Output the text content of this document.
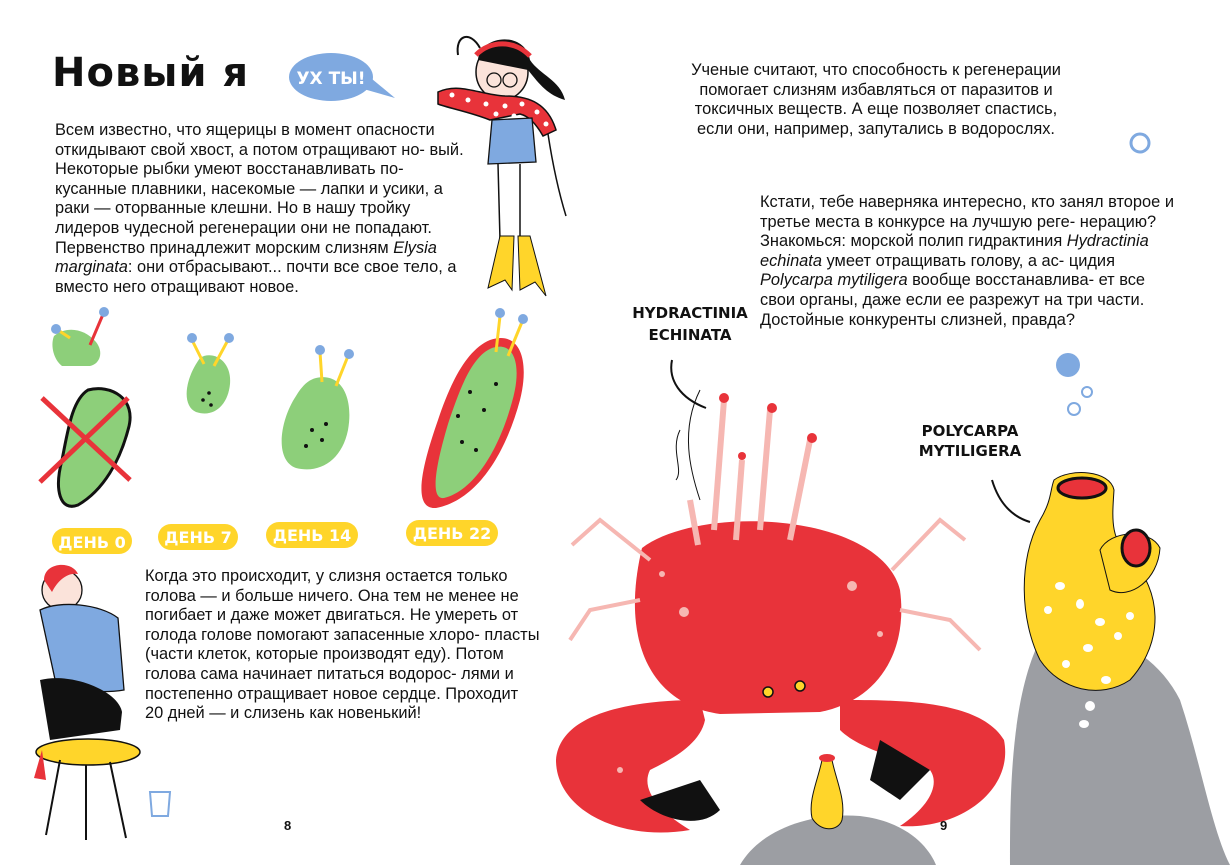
УХ ТЫ!
ДЕНЬ 0 ДЕНЬ 7	ДЕНЬ 14	ДЕНЬ 22
HYDRACTINIA
ECHINATA
POLYCARPA
MYTILIGERA
Новый я

Всем известно, что ящерицы в момент опасности откидывают свой хвост, а потом отращивают но- вый. Некоторые рыбки умеют восстанавливать по- кусанные плавники, насекомые — лапки и усики, а раки — оторванные клешни. Но в нашу тройку лидеров чудесной регенерации они не попадают. Первенство принадлежит морским слизням Elysia marginata: они отбрасывают... почти все свое тело, а вместо него отращивают новое.

Когда это происходит, у слизня остается только голова — и больше ничего. Она тем не менее не погибает и даже может двигаться. Не умереть от голода голове помогают запасенные хлоро- пласты (части клеток, которые производят еду). Потом голова сама начинает питаться водорос- лями и постепенно отращивает новое сердце. Проходит 20 дней — и слизень как новенький!

Ученые считают, что способность к регенерации помогает слизням избавляться от паразитов и токсичных веществ. А еще позволяет спастись, если они, например, запутались в водорослях.

Кстати, тебе наверняка интересно, кто занял второе и третье места в конкурсе на лучшую реге- нерацию? Знакомься: морской полип гидрактиния Hydractinia echinata умеет отращивать голову, а ас- цидия Polycarpa mytiligera вообще восстанавлива- ет все свои органы, даже если ее разрежут на три части. Достойные конкуренты слизней, правда?

8	9
